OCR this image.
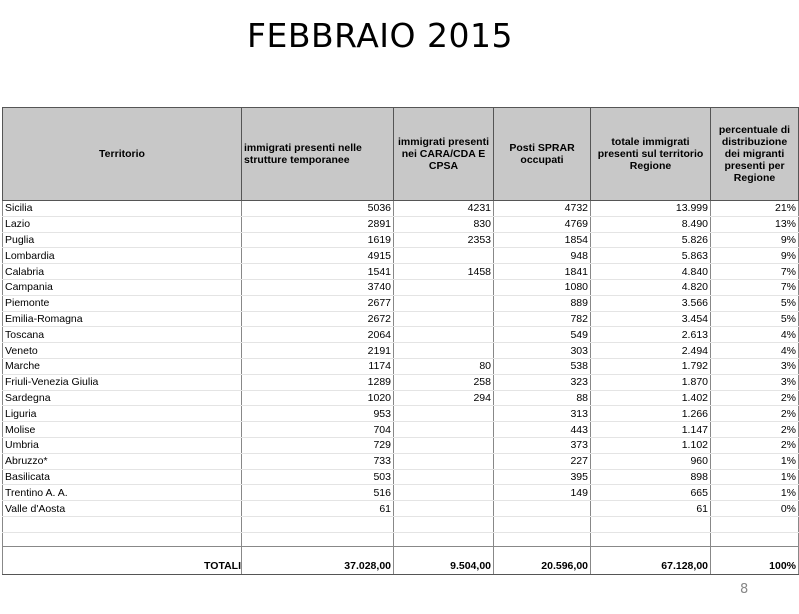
FEBBRAIO 2015
Territorio	immigrati presenti nelle strutture temporanee	immigrati presenti nei CARA/CDA E CPSA	Posti SPRAR occupati	totale immigrati presenti sul territorio Regione	percentuale di distribuzione dei migranti presenti per Regione
Sicilia	5036	4231	4732	13.999	21%
Lazio	2891	830	4769	8.490	13%
Puglia	1619	2353	1854	5.826	9%
Lombardia	4915		948	5.863	9%
Calabria	1541	1458	1841	4.840	7%
Campania	3740		1080	4.820	7%
Piemonte	2677		889	3.566	5%
Emilia-Romagna	2672		782	3.454	5%
Toscana	2064		549	2.613	4%
Veneto	2191		303	2.494	4%
Marche	1174	80	538	1.792	3%
Friuli-Venezia Giulia	1289	258	323	1.870	3%
Sardegna	1020	294	88	1.402	2%
Liguria	953		313	1.266	2%
Molise	704		443	1.147	2%
Umbria	729		373	1.102	2%
Abruzzo*	733		227	960	1%
Basilicata	503		395	898	1%
Trentino A. A.	516		149	665	1%
Valle d'Aosta	61			61	0%

TOTALI	37.028,00	9.504,00	20.596,00	67.128,00	100%
8
